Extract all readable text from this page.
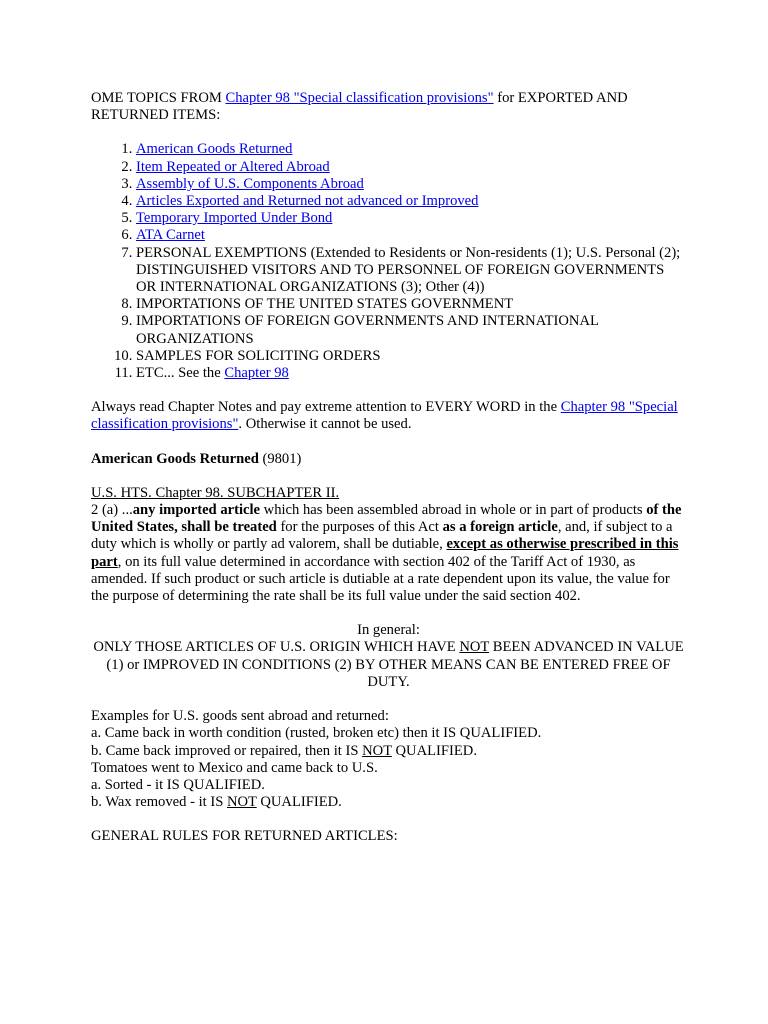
OME TOPICS FROM Chapter 98 "Special classification provisions" for EXPORTED AND RETURNED ITEMS:

1. American Goods Returned
2. Item Repeated or Altered Abroad
3. Assembly of U.S. Components Abroad
4. Articles Exported and Returned not advanced or Improved
5. Temporary Imported Under Bond
6. ATA Carnet
7. PERSONAL EXEMPTIONS (Extended to Residents or Non-residents (1); U.S. Personal (2); DISTINGUISHED VISITORS AND TO PERSONNEL OF FOREIGN GOVERNMENTS OR INTERNATIONAL ORGANIZATIONS (3); Other (4))
8. IMPORTATIONS OF THE UNITED STATES GOVERNMENT
9. IMPORTATIONS OF FOREIGN GOVERNMENTS AND INTERNATIONAL ORGANIZATIONS
10. SAMPLES FOR SOLICITING ORDERS
11. ETC... See the Chapter 98

Always read Chapter Notes and pay extreme attention to EVERY WORD in the Chapter 98 "Special classification provisions". Otherwise it cannot be used.

American Goods Returned (9801)

U.S. HTS. Chapter 98. SUBCHAPTER II.

2 (a) ...any imported article which has been assembled abroad in whole or in part of products of the United States, shall be treated for the purposes of this Act as a foreign article, and, if subject to a duty which is wholly or partly ad valorem, shall be dutiable, except as otherwise prescribed in this part, on its full value determined in accordance with section 402 of the Tariff Act of 1930, as amended. If such product or such article is dutiable at a rate dependent upon its value, the value for the purpose of determining the rate shall be its full value under the said section 402.

In general:

ONLY THOSE ARTICLES OF U.S. ORIGIN WHICH HAVE NOT BEEN ADVANCED IN VALUE (1) or IMPROVED IN CONDITIONS (2) BY OTHER MEANS CAN BE ENTERED FREE OF DUTY.

Examples for U.S. goods sent abroad and returned:

a. Came back in worth condition (rusted, broken etc) then it IS QUALIFIED.

b. Came back improved or repaired, then it IS NOT QUALIFIED.

Tomatoes went to Mexico and came back to U.S.

a. Sorted - it IS QUALIFIED.

b. Wax removed - it IS NOT QUALIFIED.

GENERAL RULES FOR RETURNED ARTICLES:
